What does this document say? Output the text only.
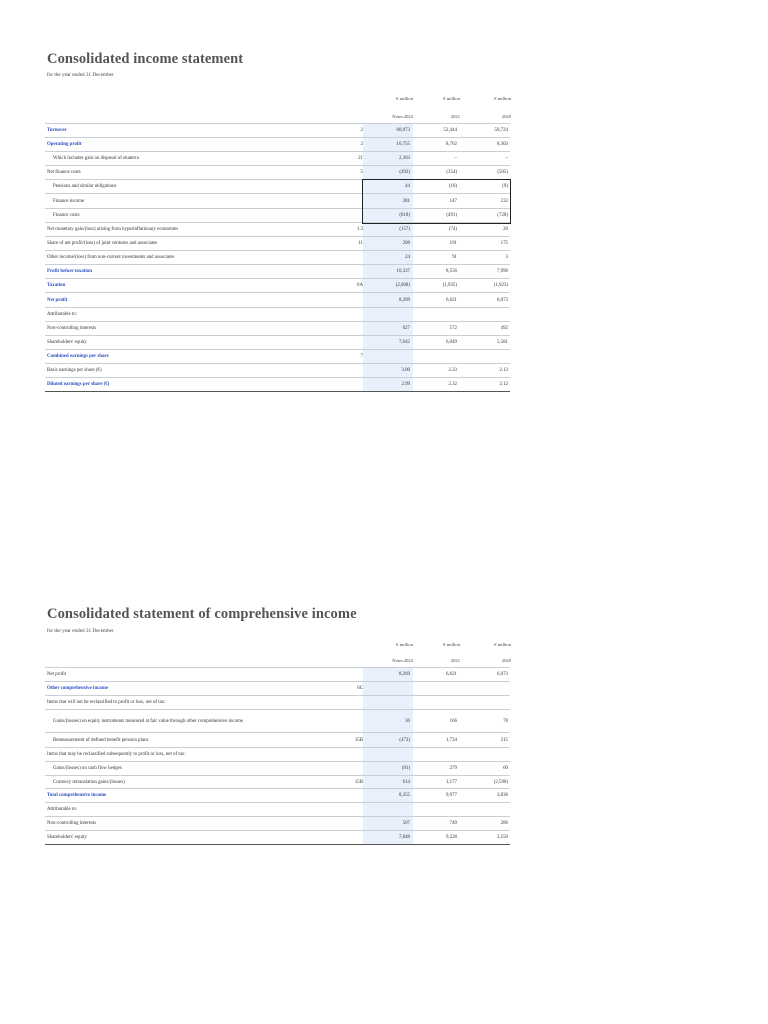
Consolidated income statement
for the year ended 31 December
€ million	€ million	€ million
2022	2021	2020
Notes
Turnover	2	60,073	52,444	50,724
Operating profit	2	10,755	8,702	8,303
Which includes gain on disposal of ekaterra	21	2,303	–	–
Net finance costs	5	(493)	(354)	(505)
Pensions and similar obligations	44	(10)	(9)
Finance income	281	147	232
Finance costs	(818)	(491)	(728)
Net monetary gain/(loss) arising from hyperinflationary economies	1.3	(157)	(74)	20
Share of net profit/(loss) of joint ventures and associates	11	208	191	175
Other income/(loss) from non-current investments and associates	24	91	3
Profit before taxation	10,337	8,556	7,996
Taxation	6A	(2,068)	(1,935)	(1,923)
Net profit	8,269	6,621	6,073
Attributable to:
Non-controlling interests	627	572	492
Shareholders' equity	7,642	6,049	5,581
Combined earnings per share	7
Basic earnings per share (€)	3.00	2.33	2.13
Diluted earnings per share (€)	2.99	2.32	2.12
Consolidated statement of comprehensive income
for the year ended 31 December
€ million	€ million	€ million
2022	2021	2020
Notes
Net profit	8,269	6,621	6,073
Other comprehensive income	6C
Items that will not be reclassified to profit or loss, net of tax:
Gains/(losses) on equity instruments measured at fair value through other comprehensive income	36	166	78
Remeasurement of defined benefit pension plans	15B	(473)	1,734	215
Items that may be reclassified subsequently to profit or loss, net of tax:
Gains/(losses) on cash flow hedges	(91)	279	60
Currency retranslation gains/(losses)	15B	614	1,177	(2,590)
Total comprehensive income	8,355	9,977	3,836
Attributable to:
Non-controlling interests	507	749	286
Shareholders' equity	7,848	9,228	3,550
